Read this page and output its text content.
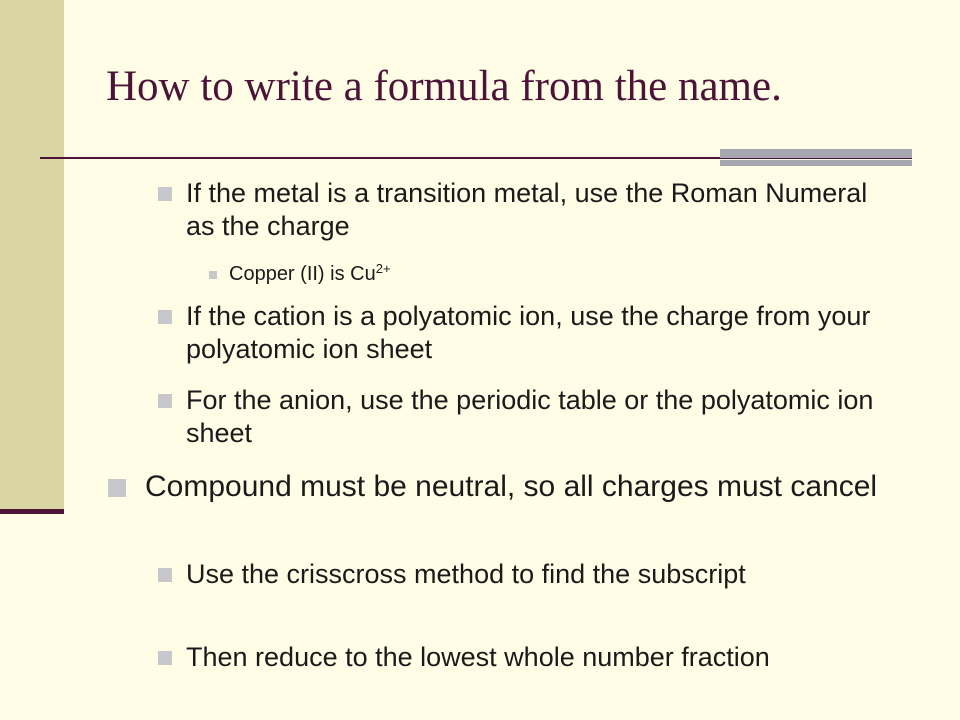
How to write a formula from the name.
If the metal is a transition metal, use the Roman Numeral as the charge
Copper (II) is $Cu^{2+}$
If the cation is a polyatomic ion, use the charge from your polyatomic ion sheet
For the anion, use the periodic table or the polyatomic ion sheet
Compound must be neutral, so all charges must cancel
Use the crisscross method to find the subscript
Then reduce to the lowest whole number fraction
